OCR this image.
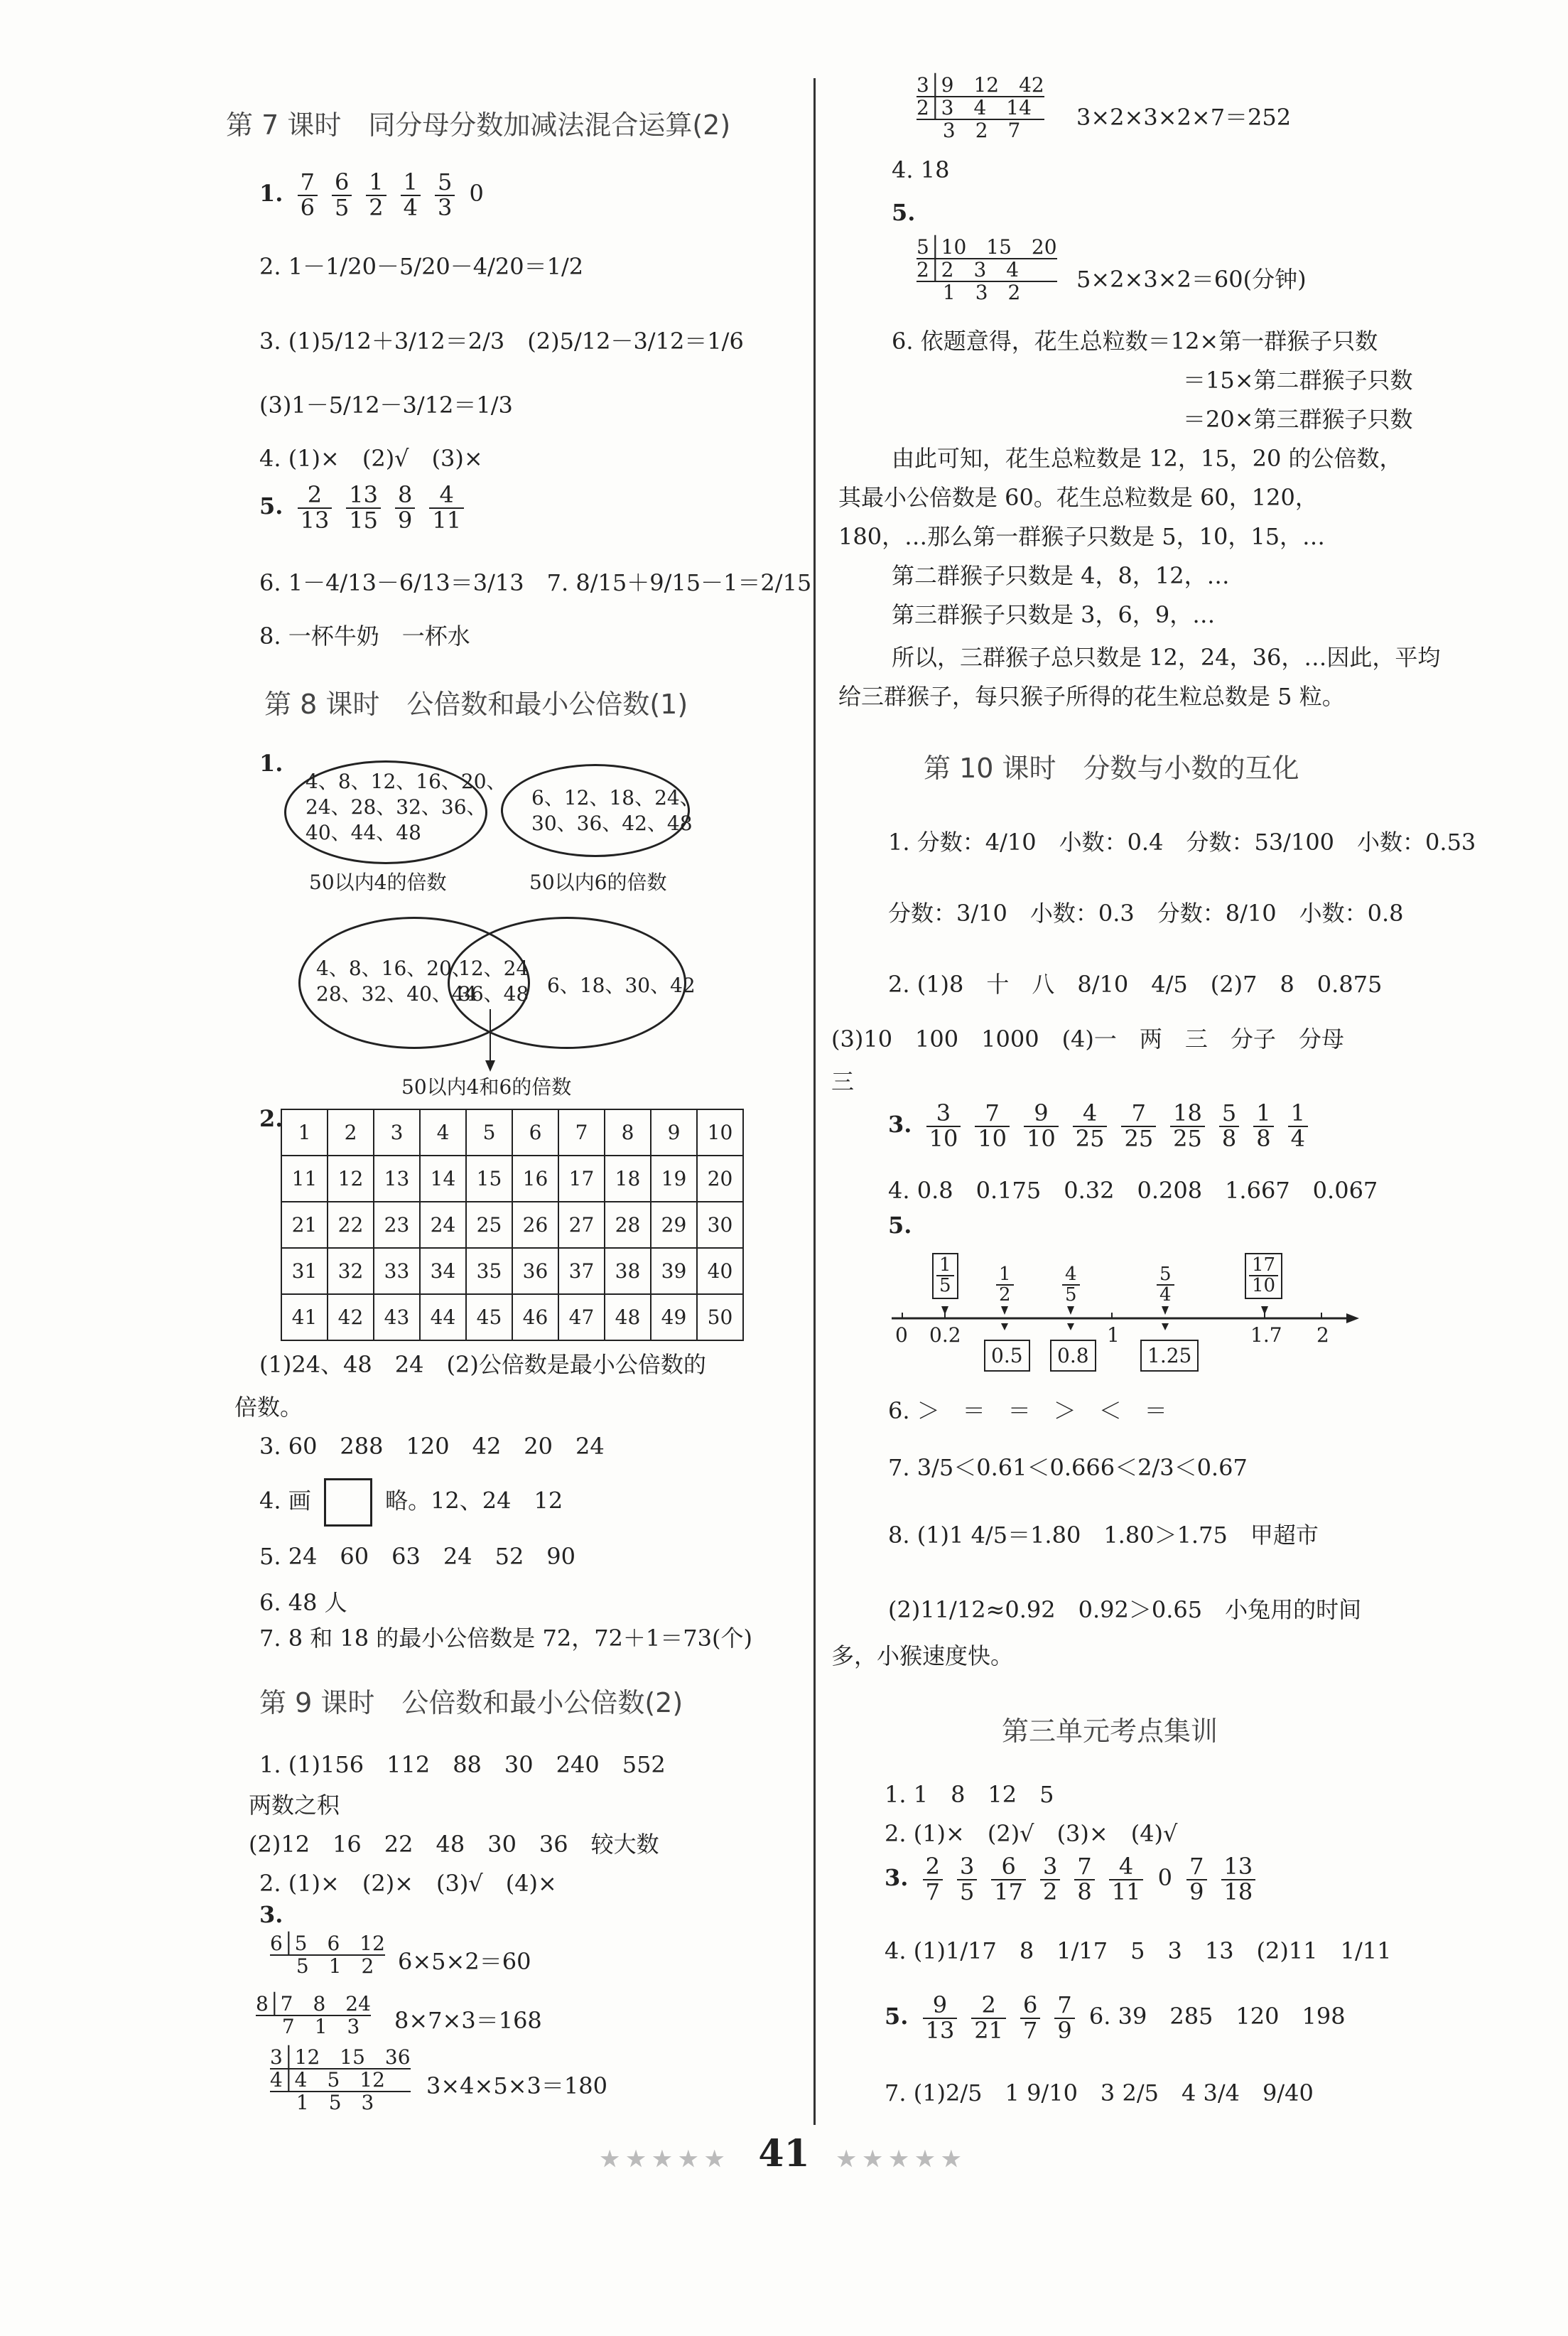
第 7 课时　同分母分数加减法混合运算(2)
1. $\frac{7}{6} \frac{6}{5} \frac{1}{2} \frac{1}{4} \frac{5}{3} 0$
2. 1－1/20－5/20－4/20＝1/2
3. (1)5/12＋3/12＝2/3　(2)5/12－3/12＝1/6
(3)1－5/12－3/12＝1/3
4. (1)×　(2)√　(3)×
5. $\frac{2}{13} \frac{13}{15} \frac{8}{9} \frac{4}{11}$
6. 1－4/13－6/13＝3/13　7. 8/15＋9/15－1＝2/15
8. 一杯牛奶　一杯水
第 8 课时　公倍数和最小公倍数(1)
1.
4、8、12、16、20、
24、28、32、36、
40、44、48
6、12、18、24、
30、36、42、48
50以内4的倍数	50以内6的倍数
4、8、16、20、
28、32、40、44
12、24
36、48 6、18、30、42
50以内4和6的倍数
2.
1	2	3	4	5	6	7	8	9	10
11	12	13	14	15	16	17	18	19	20
21	22	23	24	25	26	27	28	29	30
31	32	33	34	35	36	37	38	39	40
41	42	43	44	45	46	47	48	49	50
(1)24、48　24　(2)公倍数是最小公倍数的
倍数。
3. 60　288　120　42　20　24
4. 画	略。12、24　12
5. 24　60　63　24　52　90
6. 48 人
7. 8 和 18 的最小公倍数是 72，72＋1＝73(个)
第 9 课时　公倍数和最小公倍数(2)
1. (1)156　112　88　30　240　552
两数之积
(2)12　16　22　48　30　36　较大数
2. (1)×　(2)×　(3)√　(4)×
3.
6│5　6　12
　 5　1　2	6×5×2＝60
8│7　8　24
　 7　1　3	8×7×3＝168
3│12　15　36
4│4　5　12
　 1　5　3
3×4×5×3＝180
3│9　12　42
2│3　4　14
　 3　2　7	3×2×3×2×7＝252
4. 18
5.
5│10　15　20
2│2　3　4
　 1　3　2	5×2×3×2＝60(分钟)
6. 依题意得，花生总粒数＝12×第一群猴子只数
＝15×第二群猴子只数
＝20×第三群猴子只数
由此可知，花生总粒数是 12，15，20 的公倍数，
其最小公倍数是 60。花生总粒数是 60，120，
180，…那么第一群猴子只数是 5，10，15，…
第二群猴子只数是 4，8，12，…
第三群猴子只数是 3，6，9，…
所以，三群猴子总只数是 12，24，36，…因此，平均
给三群猴子，每只猴子所得的花生粒总数是 5 粒。
第 10 课时　分数与小数的互化
1. 分数：4/10　小数：0.4　分数：53/100　小数：0.53
分数：3/10　小数：0.3　分数：8/10　小数：0.8
2. (1)8　十　八　8/10　4/5　(2)7　8　0.875
(3)10　100　1000　(4)一　两　三　分子　分母
三
3. $\frac{3}{10} \frac{7}{10} \frac{9}{10} \frac{4}{25} \frac{7}{25} \frac{18}{25} \frac{5}{8} \frac{1}{8} \frac{1}{4}$
4. 0.8　0.175　0.32　0.208　1.667　0.067
5.
$\frac{1}{5} \frac{1}{2}$	$\frac{4}{5}$	$\frac{5}{4}$	$\frac{17}{10}$
0 0.2	1	1.7 2
0.5	0.8	1.25
6. ＞　＝　＝　＞　＜　＝
7. 3/5＜0.61＜0.666＜2/3＜0.67
8. (1)1 4/5＝1.80　1.80＞1.75　甲超市
(2)11/12≈0.92　0.92＞0.65　小兔用的时间
多，小猴速度快。
第三单元考点集训
1. 1　8　12　5
2. (1)×　(2)√　(3)×　(4)√
3. $\frac{2}{7} \frac{3}{5} \frac{6}{17} \frac{3}{2} \frac{7}{8} \frac{4}{11} 0 \frac{7}{9} \frac{13}{18}$
4. (1)1/17　8　1/17　5　3　13　(2)11　1/11
5. $\frac{9}{13} \frac{2}{21} \frac{6}{7} \frac{7}{9} 6$. 39　285　120　198
7. (1)2/5　1 9/10　3 2/5　4 3/4　9/40
★★★★★ 41 ★★★★★
